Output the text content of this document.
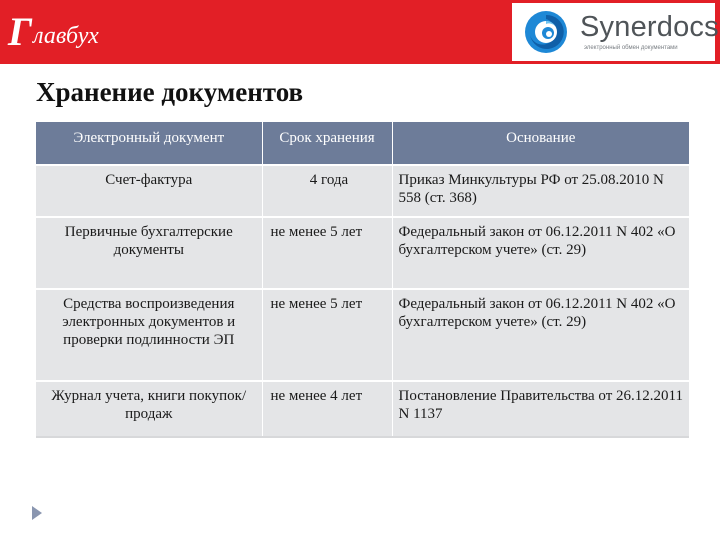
Г лавбух	Synerdocs
электронный обмен документами
Хранение документов
Электронный документ	Срок хранения	Основание
Счет-фактура	4 года	Приказ Минкультуры РФ от 25.08.2010 N 558 (ст. 368)
Первичные бухгалтерские документы	не менее 5 лет	Федеральный закон от 06.12.2011 N 402 «О бухгалтерском учете» (ст. 29)
Средства воспроизведения электронных документов и проверки подлинности ЭП	не менее 5 лет	Федеральный закон от 06.12.2011 N 402 «О бухгалтерском учете» (ст. 29)
Журнал учета, книги покупок/продаж	не менее 4 лет	Постановление Правительства от 26.12.2011 N 1137
